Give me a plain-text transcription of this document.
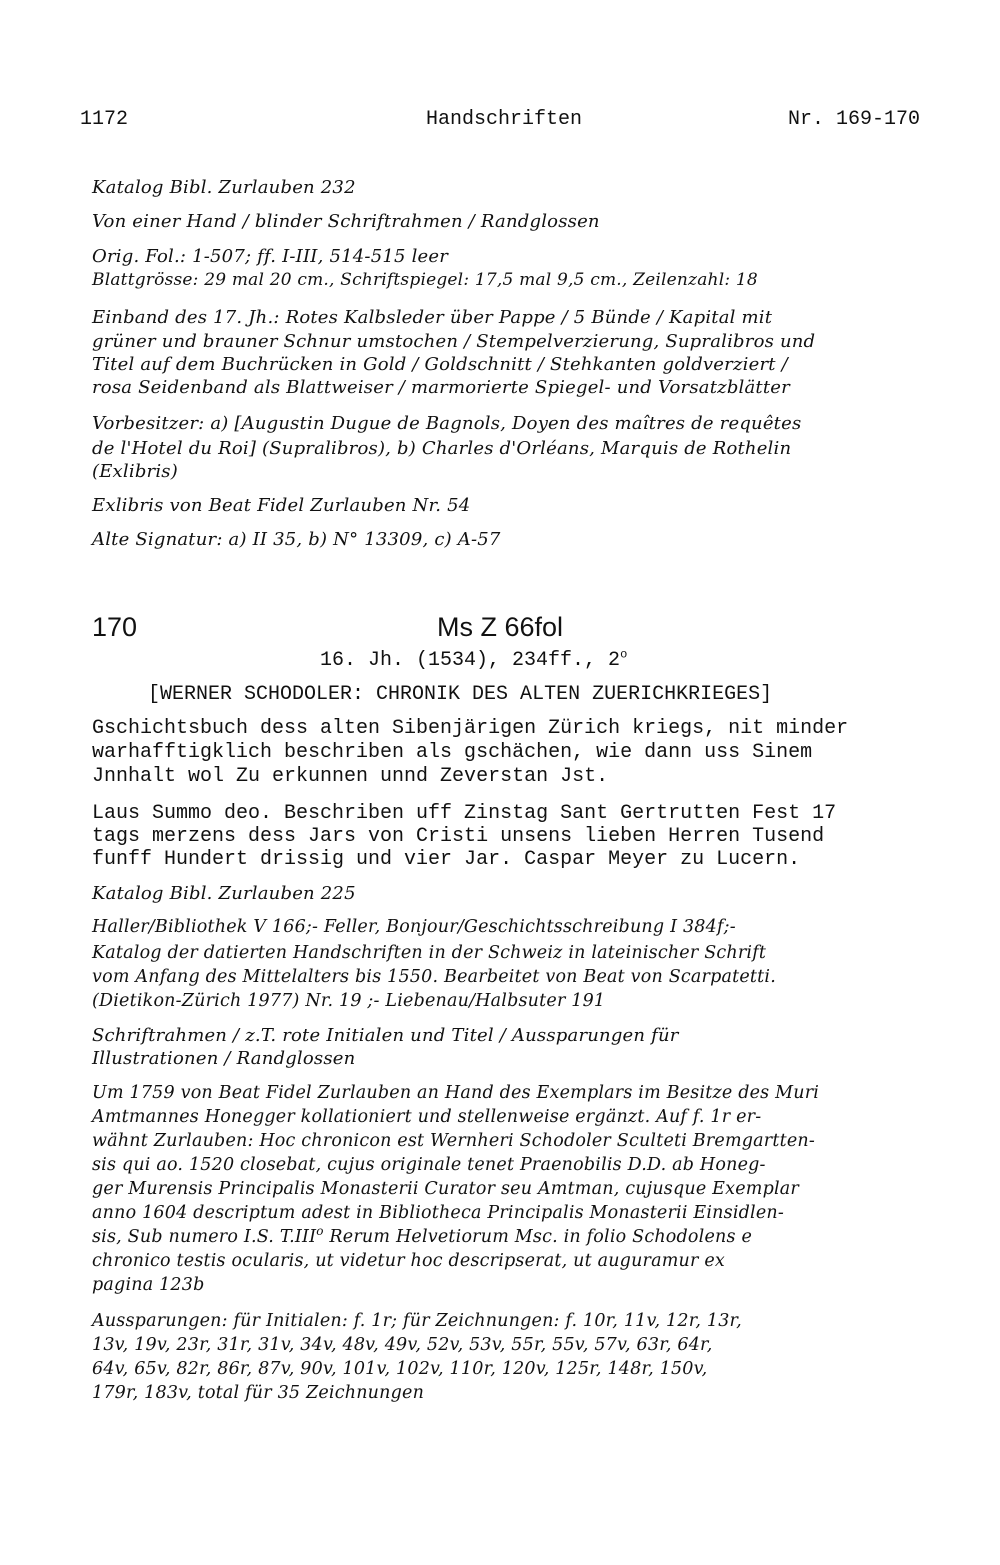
1172	Handschriften	Nr. 169-170
Katalog Bibl. Zurlauben 232
Von einer Hand / blinder Schriftrahmen / Randglossen
Orig. Fol.: 1-507; ff. I-III, 514-515 leer
Blattgrösse: 29 mal 20 cm., Schriftspiegel: 17,5 mal 9,5 cm., Zeilenzahl: 18
Einband des 17. Jh.: Rotes Kalbsleder über Pappe / 5 Bünde / Kapital mit
grüner und brauner Schnur umstochen / Stempelverzierung, Supralibros und
Titel auf dem Buchrücken in Gold / Goldschnitt / Stehkanten goldverziert /
rosa Seidenband als Blattweiser / marmorierte Spiegel- und Vorsatzblätter
Vorbesitzer: a) [Augustin Dugue de Bagnols, Doyen des maîtres de requêtes
de l'Hotel du Roi] (Supralibros), b) Charles d'Orléans, Marquis de Rothelin
(Exlibris)
Exlibris von Beat Fidel Zurlauben Nr. 54
Alte Signatur: a) II 35, b) N° 13309, c) A-57
170	Ms Z 66fol
16. Jh. (1534), 234ff., 2$^o$
[WERNER SCHODOLER: CHRONIK DES ALTEN ZUERICHKRIEGES]
Gschichtsbuch dess alten Sibenjärigen Zürich kriegs, nit minder
warhafftigklich beschriben als gschächen, wie dann uss Sinem
Jnnhalt wol Zu erkunnen unnd Zeverstan Jst.
Laus Summo deo. Beschriben uff Zinstag Sant Gertrutten Fest 17
tags merzens dess Jars von Cristi unsens lieben Herren Tusend
funff Hundert drissig und vier Jar. Caspar Meyer zu Lucern.
Katalog Bibl. Zurlauben 225
Haller/Bibliothek V 166;- Feller, Bonjour/Geschichtsschreibung I 384f;-
Katalog der datierten Handschriften in der Schweiz in lateinischer Schrift
vom Anfang des Mittelalters bis 1550. Bearbeitet von Beat von Scarpatetti.
(Dietikon-Zürich 1977) Nr. 19 ;- Liebenau/Halbsuter 191
Schriftrahmen / z.T. rote Initialen und Titel / Aussparungen für
Illustrationen / Randglossen
Um 1759 von Beat Fidel Zurlauben an Hand des Exemplars im Besitze des Muri
Amtmannes Honegger kollationiert und stellenweise ergänzt. Auf f. 1r er-
wähnt Zurlauben: Hoc chronicon est Wernheri Schodoler Sculteti Bremgartten-
sis qui ao. 1520 closebat, cujus originale tenet Praenobilis D.D. ab Honeg-
ger Murensis Principalis Monasterii Curator seu Amtman, cujusque Exemplar
anno 1604 descriptum adest in Bibliotheca Principalis Monasterii Einsidlen-
sis, Sub numero I.S. T.III$^o$ Rerum Helvetiorum Msc. in folio Schodolens e
chronico testis ocularis, ut videtur hoc descripserat, ut auguramur ex
pagina 123b
Aussparungen: für Initialen: f. 1r; für Zeichnungen: f. 10r, 11v, 12r, 13r,
13v, 19v, 23r, 31r, 31v, 34v, 48v, 49v, 52v, 53v, 55r, 55v, 57v, 63r, 64r,
64v, 65v, 82r, 86r, 87v, 90v, 101v, 102v, 110r, 120v, 125r, 148r, 150v,
179r, 183v, total für 35 Zeichnungen
